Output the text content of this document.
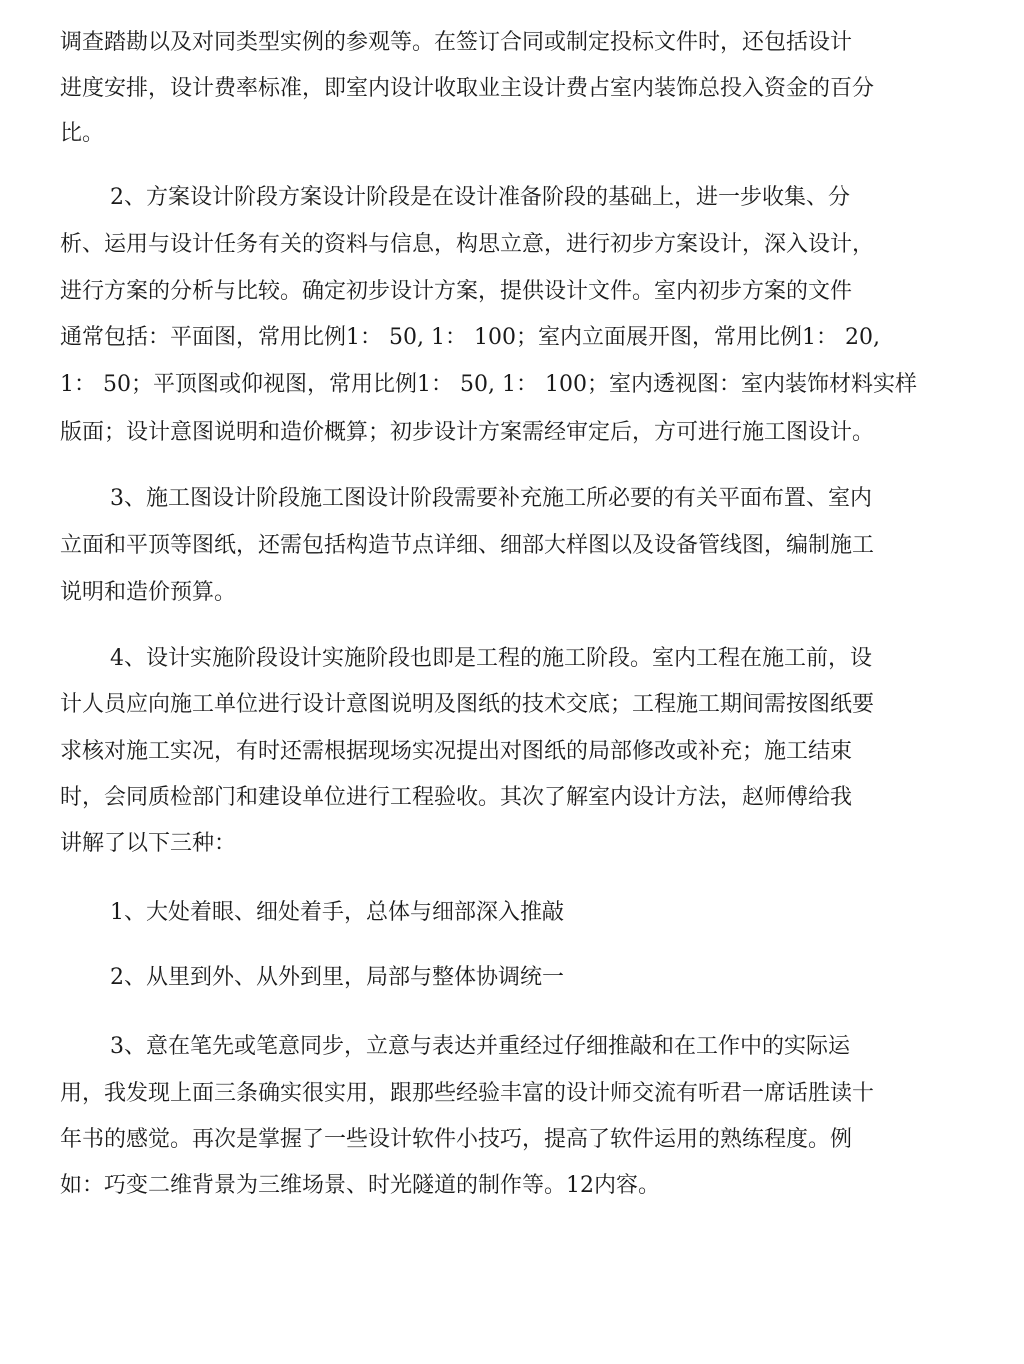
调查踏勘以及对同类型实例的参观等。在签订合同或制定投标文件时，还包括设计
进度安排，设计费率标准，即室内设计收取业主设计费占室内装饰总投入资金的百分
比。
2、方案设计阶段方案设计阶段是在设计准备阶段的基础上，进一步收集、分
析、运用与设计任务有关的资料与信息，构思立意，进行初步方案设计，深入设计，
进行方案的分析与比较。确定初步设计方案，提供设计文件。室内初步方案的文件
通常包括：平面图，常用比例1： 50, 1： 100；室内立面展开图，常用比例1： 20,
1： 50；平顶图或仰视图，常用比例1： 50, 1： 100；室内透视图：室内装饰材料实样
版面；设计意图说明和造价概算；初步设计方案需经审定后，方可进行施工图设计。
3、施工图设计阶段施工图设计阶段需要补充施工所必要的有关平面布置、室内
立面和平顶等图纸，还需包括构造节点详细、细部大样图以及设备管线图，编制施工
说明和造价预算。
4、设计实施阶段设计实施阶段也即是工程的施工阶段。室内工程在施工前，设
计人员应向施工单位进行设计意图说明及图纸的技术交底；工程施工期间需按图纸要
求核对施工实况，有时还需根据现场实况提出对图纸的局部修改或补充；施工结束
时，会同质检部门和建设单位进行工程验收。其次了解室内设计方法，赵师傅给我
讲解了以下三种：
1、大处着眼、细处着手，总体与细部深入推敲
2、从里到外、从外到里，局部与整体协调统一
3、意在笔先或笔意同步，立意与表达并重经过仔细推敲和在工作中的实际运
用，我发现上面三条确实很实用，跟那些经验丰富的设计师交流有听君一席话胜读十
年书的感觉。再次是掌握了一些设计软件小技巧，提高了软件运用的熟练程度。例
如：巧变二维背景为三维场景、时光隧道的制作等。12内容。
